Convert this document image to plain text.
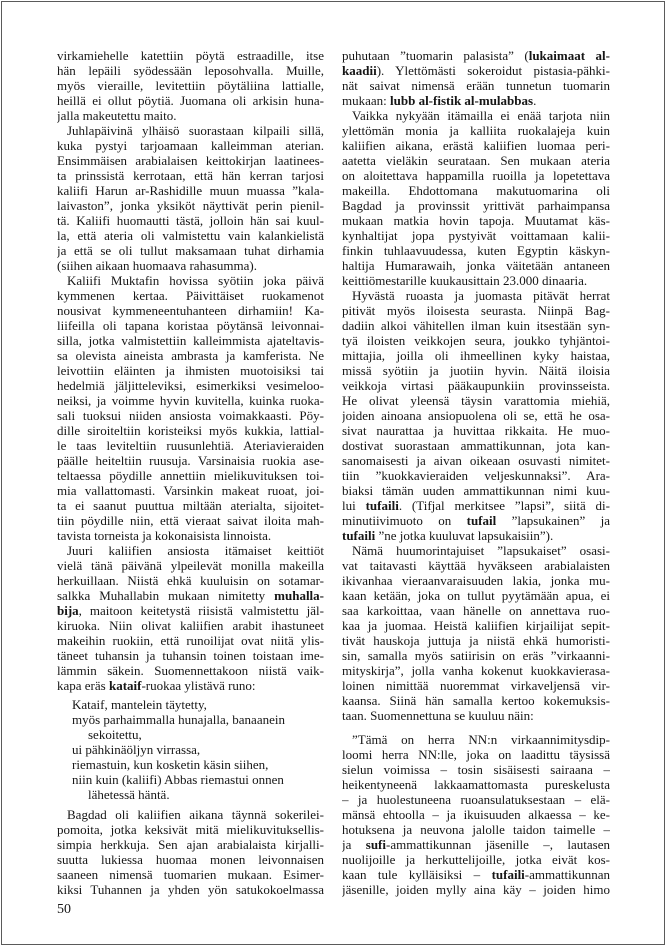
virkamiehelle katettiin pöytä estraadille, itse
hän lepäili syödessään leposohvalla. Muille,
myös vieraille, levitettiin pöytäliina lattialle,
heillä ei ollut pöytiä. Juomana oli arkisin huna-
jalla makeutettu maito.
Juhlapäivinä ylhäisö suorastaan kilpaili sillä,
kuka pystyi tarjoamaan kalleimman aterian.
Ensimmäisen arabialaisen keittokirjan laatinees-
ta prinssistä kerrotaan, että hän kerran tarjosi
kaliifi Harun ar-Rashidille muun muassa ”kala-
laivaston”, jonka yksiköt näyttivät perin pienil-
tä. Kaliifi huomautti tästä, jolloin hän sai kuul-
la, että ateria oli valmistettu vain kalankielistä
ja että se oli tullut maksamaan tuhat dirhamia
(siihen aikaan huomaava rahasumma).
Kaliifi Muktafin hovissa syötiin joka päivä
kymmenen kertaa. Päivittäiset ruokamenot
nousivat kymmeneentuhanteen dirhamiin! Ka-
liifeilla oli tapana koristaa pöytänsä leivonnai-
silla, jotka valmistettiin kalleimmista ajateltavis-
sa olevista aineista ambrasta ja kamferista. Ne
leivottiin eläinten ja ihmisten muotoisiksi tai
hedelmiä jäljitteleviksi, esimerkiksi vesimeloo-
neiksi, ja voimme hyvin kuvitella, kuinka ruoka-
sali tuoksui niiden ansiosta voimakkaasti. Pöy-
dille siroiteltiin koristeiksi myös kukkia, lattial-
le taas leviteltiin ruusunlehtiä. Ateriavieraiden
päälle heiteltiin ruusuja. Varsinaisia ruokia ase-
teltaessa pöydille annettiin mielikuvituksen toi-
mia vallattomasti. Varsinkin makeat ruoat, joi-
ta ei saanut puuttua miltään aterialta, sijoitet-
tiin pöydille niin, että vieraat saivat iloita mah-
tavista torneista ja kokonaisista linnoista.
Juuri kaliifien ansiosta itämaiset keittiöt
vielä tänä päivänä ylpeilevät monilla makeilla
herkuillaan. Niistä ehkä kuuluisin on sotamar-
salkka Muhallabin mukaan nimitetty muhalla-
bija, maitoon keitetystä riisistä valmistettu jäl-
kiruoka. Niin olivat kaliifien arabit ihastuneet
makeihin ruokiin, että runoilijat ovat niitä ylis-
täneet tuhansin ja tuhansin toinen toistaan ime-
lämmin säkein. Suomennettakoon niistä vaik-
kapa eräs kataif-ruokaa ylistävä runo:
Kataif, mantelein täytetty,
myös parhaimmalla hunajalla, banaanein
sekoitettu,
ui pähkinäöljyn virrassa,
riemastuin, kun kosketin käsin siihen,
niin kuin (kaliifi) Abbas riemastui onnen
lähetessä häntä.
Bagdad oli kaliifien aikana täynnä sokerilei-
pomoita, jotka keksivät mitä mielikuvituksellis-
simpia herkkuja. Sen ajan arabialaista kirjalli-
suutta lukiessa huomaa monen leivonnaisen
saaneen nimensä tuomarien mukaan. Esimer-
kiksi Tuhannen ja yhden yön satukokoelmassa
puhutaan ”tuomarin palasista” (lukaimaat al-
kaadii). Ylettömästi sokeroidut pistasia-pähki-
nät saivat nimensä erään tunnetun tuomarin
mukaan: lubb al-fistik al-mulabbas.
Vaikka nykyään itämailla ei enää tarjota niin
ylettömän monia ja kalliita ruokalajeja kuin
kaliifien aikana, erästä kaliifien luomaa peri-
aatetta vieläkin seurataan. Sen mukaan ateria
on aloitettava happamilla ruoilla ja lopetettava
makeilla. Ehdottomana makutuomarina oli
Bagdad ja provinssit yrittivät parhaimpansa
mukaan matkia hovin tapoja. Muutamat käs-
kynhaltijat jopa pystyivät voittamaan kalii-
finkin tuhlaavuudessa, kuten Egyptin käskyn-
haltija Humarawaih, jonka väitetään antaneen
keittiömestarille kuukausittain 23.000 dinaaria.
Hyvästä ruoasta ja juomasta pitävät herrat
pitivät myös iloisesta seurasta. Niinpä Bag-
dadiin alkoi vähitellen ilman kuin itsestään syn-
tyä iloisten veikkojen seura, joukko tyhjäntoi-
mittajia, joilla oli ihmeellinen kyky haistaa,
missä syötiin ja juotiin hyvin. Näitä iloisia
veikkoja virtasi pääkaupunkiin provinsseista.
He olivat yleensä täysin varattomia miehiä,
joiden ainoana ansiopuolena oli se, että he osa-
sivat naurattaa ja huvittaa rikkaita. He muo-
dostivat suorastaan ammattikunnan, jota kan-
sanomaisesti ja aivan oikeaan osuvasti nimitet-
tiin ”kuokkavieraiden veljeskunnaksi”. Ara-
biaksi tämän uuden ammattikunnan nimi kuu-
lui tufaili. (Tifjal merkitsee ”lapsi”, siitä di-
minutiivimuoto on tufail ”lapsukainen” ja
tufaili ”ne jotka kuuluvat lapsukaisiin”).
Nämä huumorintajuiset ”lapsukaiset” osasi-
vat taitavasti käyttää hyväkseen arabialaisten
ikivanhaa vieraanvaraisuuden lakia, jonka mu-
kaan ketään, joka on tullut pyytämään apua, ei
saa karkoittaa, vaan hänelle on annettava ruo-
kaa ja juomaa. Heistä kaliifien kirjailijat sepit-
tivät hauskoja juttuja ja niistä ehkä humoristi-
sin, samalla myös satiirisin on eräs ”virkaanni-
mityskirja”, jolla vanha kokenut kuokkavierasa-
loinen nimittää nuoremmat virkaveljensä vir-
kaansa. Siinä hän samalla kertoo kokemuksis-
taan. Suomennettuna se kuuluu näin:
”Tämä on herra NN:n virkaannimitysdip-
loomi herra NN:lle, joka on laadittu täysissä
sielun voimissa – tosin sisäisesti sairaana –
heikentyneenä lakkaamattomasta pureskelusta
– ja huolestuneena ruoansulatuksestaan – elä-
mänsä ehtoolla – ja ikuisuuden alkaessa – ke-
hotuksena ja neuvona jalolle taidon taimelle –
ja sufi-ammattikunnan jäsenille –, lautasen
nuolijoille ja herkuttelijoille, jotka eivät kos-
kaan tule kylläisiksi – tufaili-ammattikunnan
jäsenille, joiden mylly aina käy – joiden himo
50
